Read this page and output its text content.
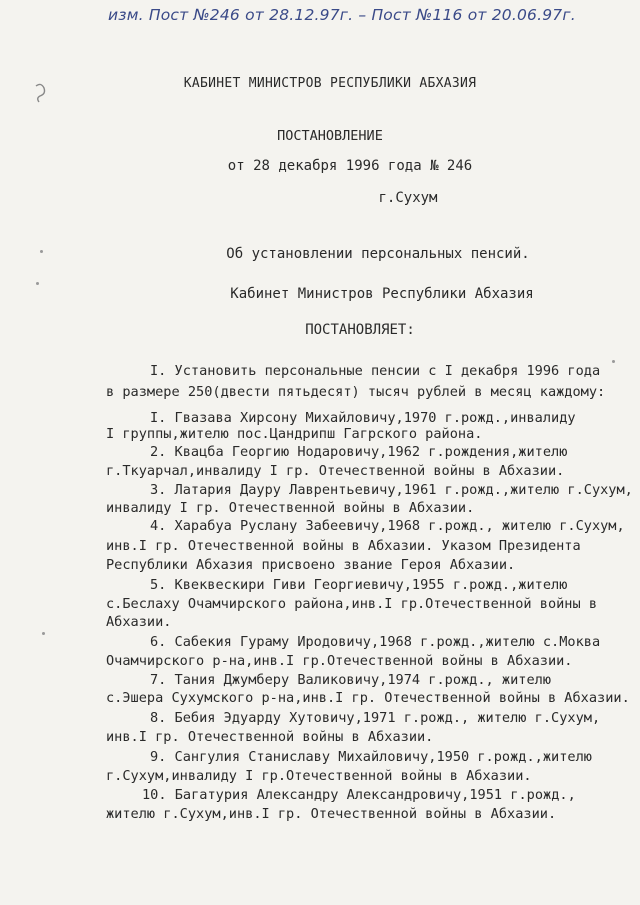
изм. Пост №246 от 28.12.97г. – Пост №116 от 20.06.97г.
КАБИНЕТ МИНИСТРОВ РЕСПУБЛИКИ АБХАЗИЯ
ПОСТАНОВЛЕНИЕ
от 28 декабря 1996 года № 246
г.Сухум
Об установлении персональных пенсий.
Кабинет Министров Республики Абхазия
ПОСТАНОВЛЯЕТ:
I. Установить персональные пенсии с I декабря 1996 года
в размере 250(двести пятьдесят) тысяч рублей в месяц каждому:
I. Гвазава Хирсону Михайловичу,1970 г.рожд.,инвалиду
I группы,жителю пос.Цандрипш Гагрского района.
2. Квацба Георгию Нодаровичу,1962 г.рождения,жителю
г.Ткуарчал,инвалиду I гр. Отечественной войны в Абхазии.
3. Латария Дауру Лаврентьевичу,1961 г.рожд.,жителю г.Сухум,
инвалиду I гр. Отечественной войны в Абхазии.
4. Харабуа Руслану Забеевичу,1968 г.рожд., жителю г.Сухум,
инв.I гр. Отечественной войны в Абхазии. Указом Президента
Республики Абхазия присвоено звание Героя Абхазии.
5. Квеквескири Гиви Георгиевичу,1955 г.рожд.,жителю
с.Беслаху Очамчирского района,инв.I гр.Отечественной войны в
Абхазии.
6. Сабекия Гураму Иродовичу,1968 г.рожд.,жителю с.Моква
Очамчирского р-на,инв.I гр.Отечественной войны в Абхазии.
7. Тания Джумберу Валиковичу,1974 г.рожд., жителю
с.Эшера Сухумского р-на,инв.I гр. Отечественной войны в Абхазии.
8. Бебия Эдуарду Хутовичу,1971 г.рожд., жителю г.Сухум,
инв.I гр. Отечественной войны в Абхазии.
9. Сангулия Станиславу Михайловичу,1950 г.рожд.,жителю
г.Сухум,инвалиду I гр.Отечественной войны в Абхазии.
10. Багатурия Александру Александровичу,1951 г.рожд.,
жителю г.Сухум,инв.I гр. Отечественной войны в Абхазии.
